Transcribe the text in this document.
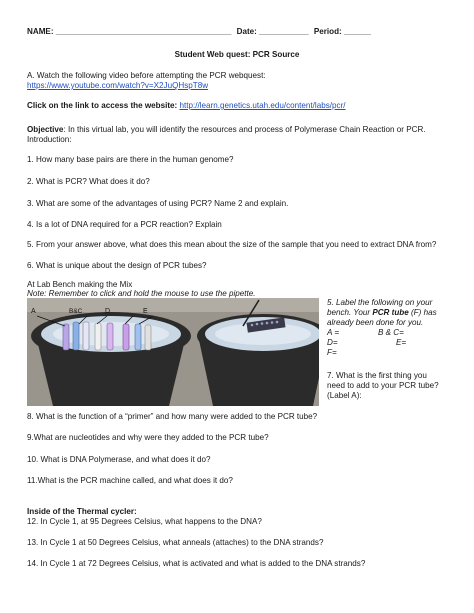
NAME: _______________________________________ Date: ___________ Period: ______
Student Web quest: PCR Source
A. Watch the following video before attempting the PCR webquest:
https://www.youtube.com/watch?v=X2JuQHspT8w
Click on the link to access the website: http://learn.genetics.utah.edu/content/labs/pcr/
Objective: In this virtual lab, you will identify the resources and process of Polymerase Chain Reaction or PCR.
Introduction:
1. How many base pairs are there in the human genome?
2. What is PCR? What does it do?
3. What are some of the advantages of using PCR? Name 2 and explain.
4. Is a lot of DNA required for a PCR reaction? Explain
5. From your answer above, what does this mean about the size of the sample that you need to extract DNA from?
6. What is unique about the design of PCR tubes?
At Lab Bench making the Mix
Note: Remember to click and hold the mouse to use the pipette.
A	B&C	D	E
5. Label the following on your
bench. Your PCR tube (F) has
already been done for you.
A =	B & C=
D=	E=
F=
7. What is the first thing you
need to add to your PCR tube?
(Label A):
8. What is the function of a “primer” and how many were added to the PCR tube?
9.What are nucleotides and why were they added to the PCR tube?
10. What is DNA Polymerase, and what does it do?
11.What is the PCR machine called, and what does it do?
Inside of the Thermal cycler:
12. In Cycle 1, at 95 Degrees Celsius, what happens to the DNA?
13. In Cycle 1 at 50 Degrees Celsius, what anneals (attaches) to the DNA strands?
14. In Cycle 1 at 72 Degrees Celsius, what is activated and what is added to the DNA strands?
